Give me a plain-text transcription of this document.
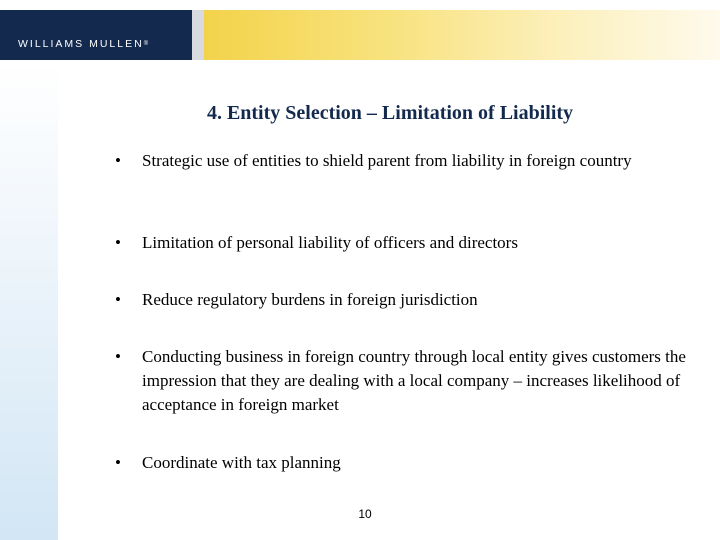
WILLIAMS MULLEN®
4. Entity Selection – Limitation of Liability
•	Strategic use of entities to shield parent from liability in foreign country
•	Limitation of personal liability of officers and directors
•	Reduce regulatory burdens in foreign jurisdiction
•	Conducting business in foreign country through local entity gives customers the impression that they are dealing with a local company – increases likelihood of acceptance in foreign market
•	Coordinate with tax planning
10
